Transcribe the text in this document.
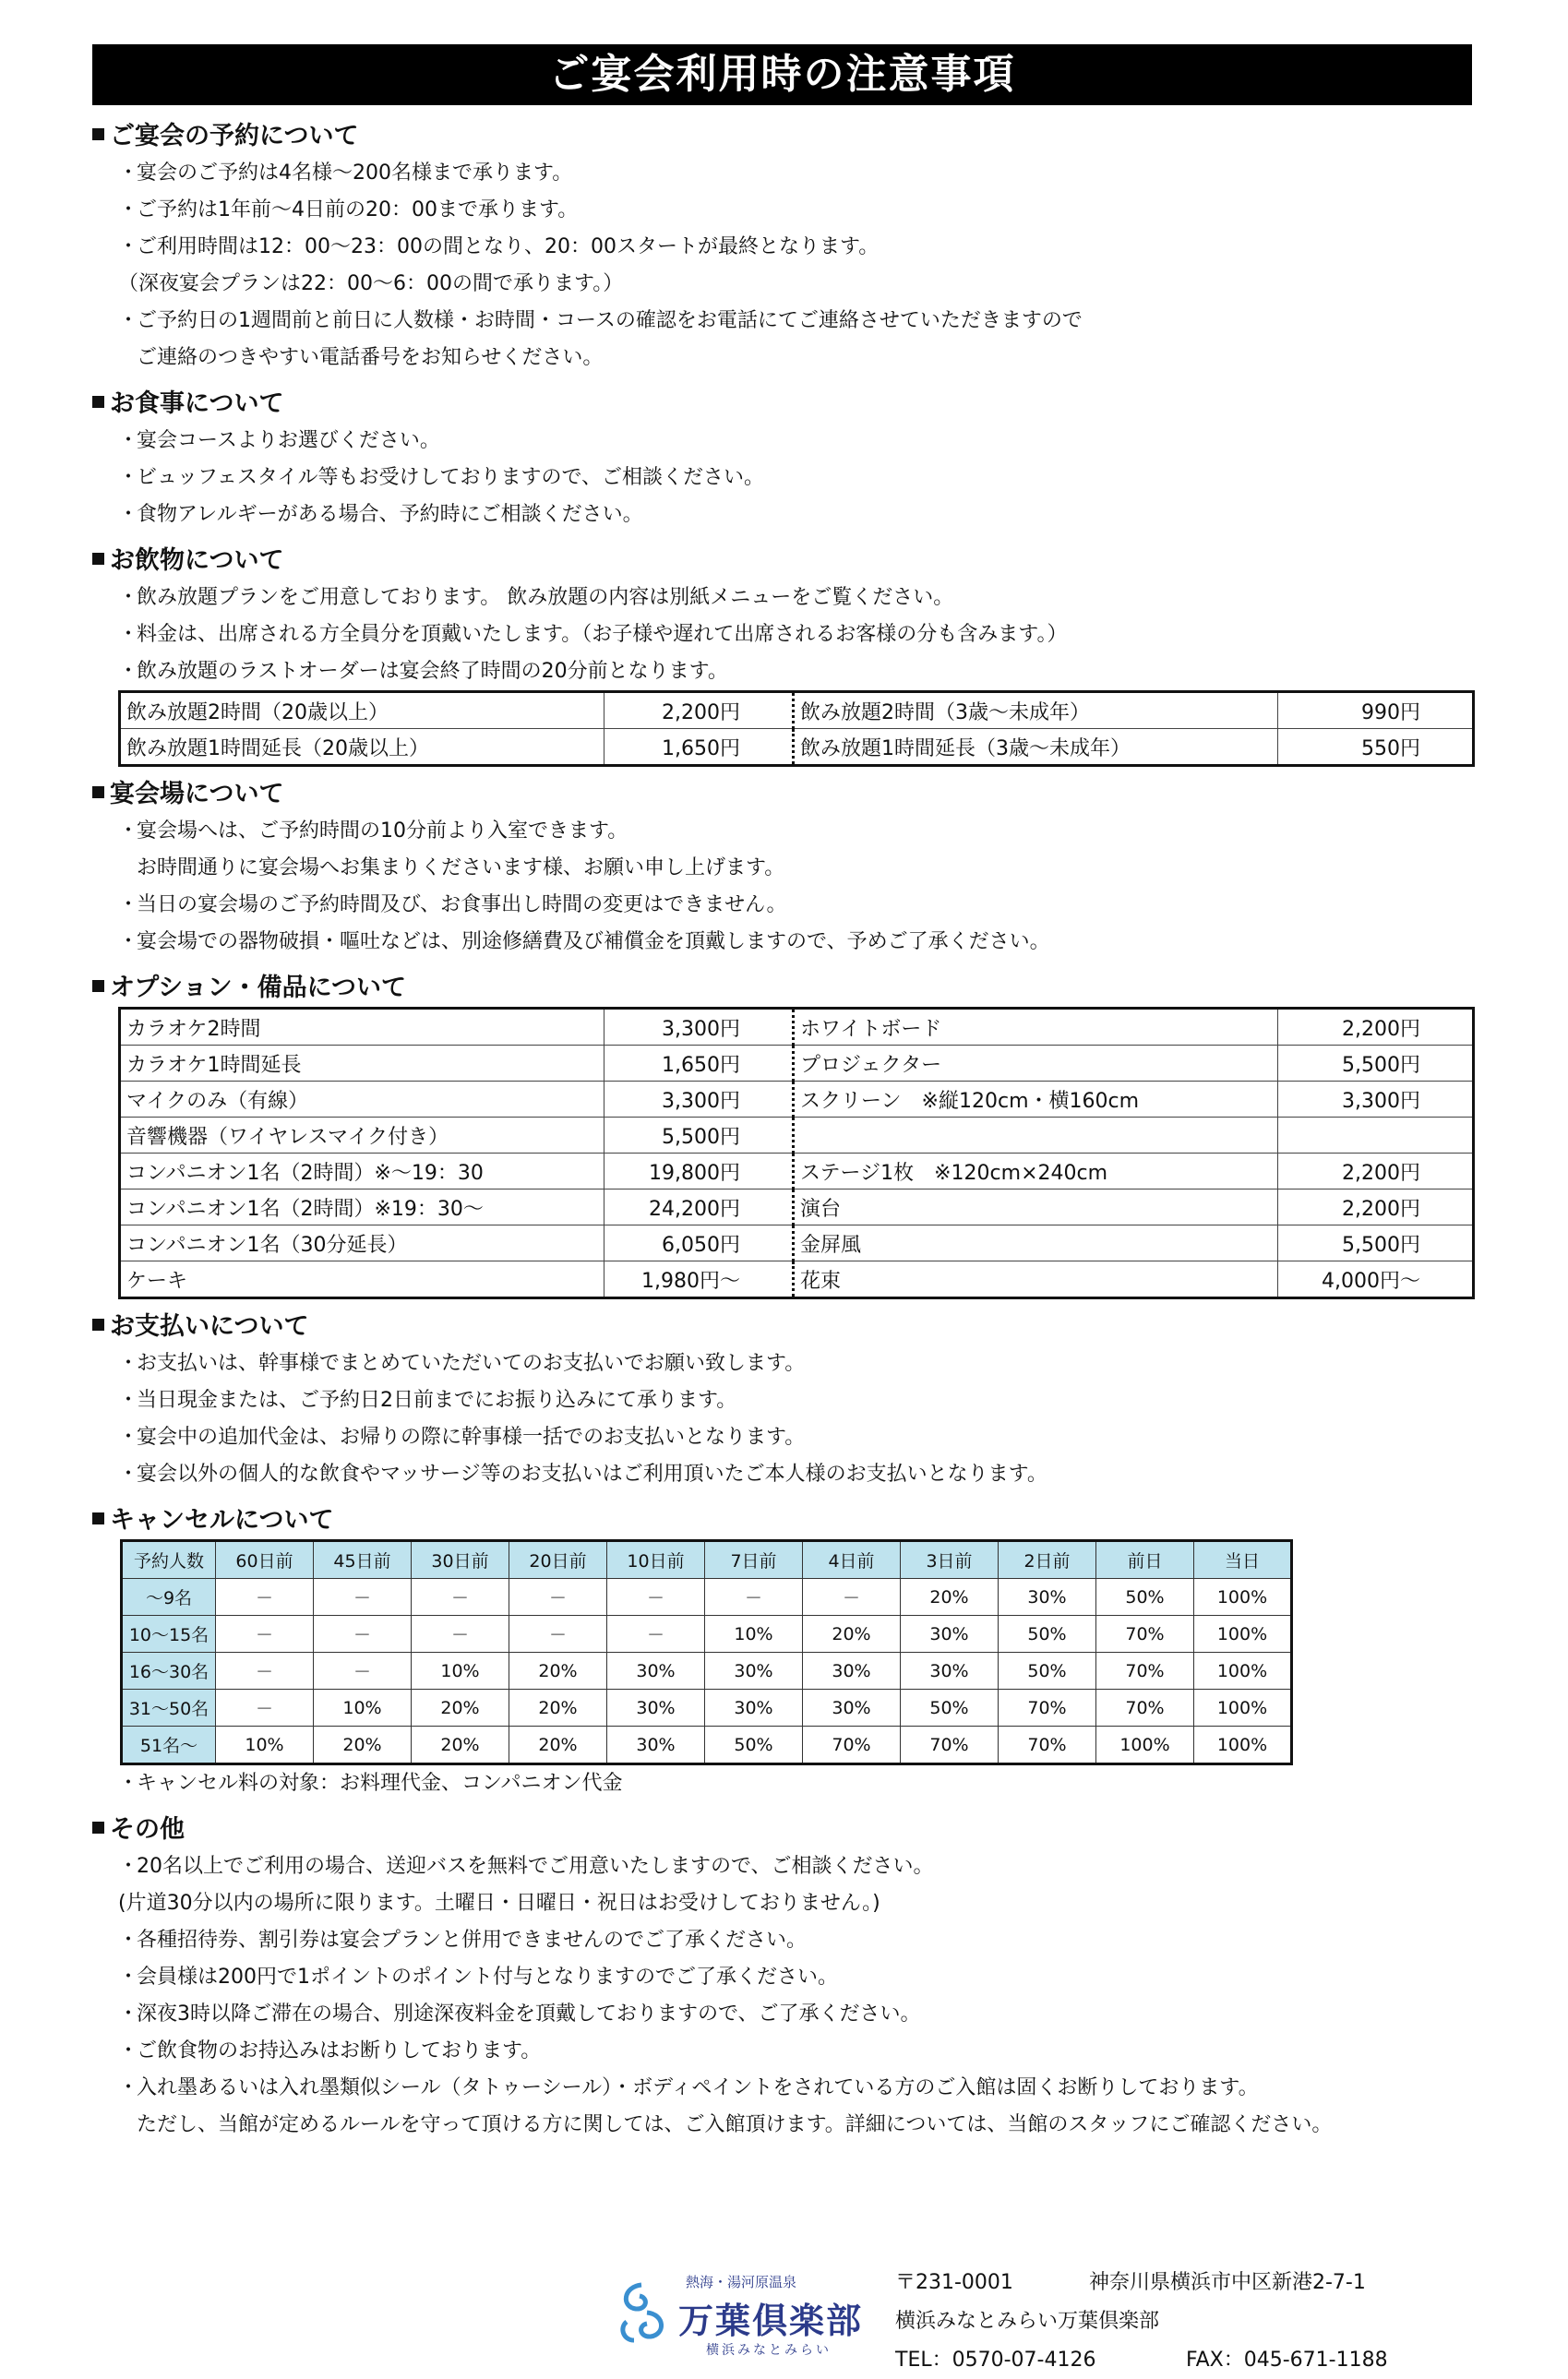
ご宴会利用時の注意事項
ご宴会の予約について
・宴会のご予約は4名様～200名様まで承ります。
・ご予約は1年前～4日前の20：00まで承ります。
・ご利用時間は12：00～23：00の間となり、20：00スタートが最終となります。
（深夜宴会プランは22：00～6：00の間で承ります。）
・ご予約日の1週間前と前日に人数様・お時間・コースの確認をお電話にてご連絡させていただきますので
ご連絡のつきやすい電話番号をお知らせください。
お食事について
・宴会コースよりお選びください。
・ビュッフェスタイル等もお受けしておりますので、ご相談ください。
・食物アレルギーがある場合、予約時にご相談ください。
お飲物について
・飲み放題プランをご用意しております。 飲み放題の内容は別紙メニューをご覧ください。
・料金は、出席される方全員分を頂戴いたします。（お子様や遅れて出席されるお客様の分も含みます。）
・飲み放題のラストオーダーは宴会終了時間の20分前となります。
飲み放題2時間（20歳以上）	2,200円	飲み放題2時間（3歳～未成年）	990円
飲み放題1時間延長（20歳以上）	1,650円	飲み放題1時間延長（3歳～未成年）	550円
宴会場について
・宴会場へは、ご予約時間の10分前より入室できます。
お時間通りに宴会場へお集まりくださいます様、お願い申し上げます。
・当日の宴会場のご予約時間及び、お食事出し時間の変更はできません。
・宴会場での器物破損・嘔吐などは、別途修繕費及び補償金を頂戴しますので、予めご了承ください。
オプション・備品について
カラオケ2時間	3,300円	ホワイトボード	2,200円
カラオケ1時間延長	1,650円	プロジェクター	5,500円
マイクのみ（有線）	3,300円	スクリーン　※縦120cm・横160cm	3,300円
音響機器（ワイヤレスマイク付き）	5,500円		
コンパニオン1名（2時間）※～19：30	19,800円	ステージ1枚　※120cm×240cm	2,200円
コンパニオン1名（2時間）※19：30～	24,200円	演台	2,200円
コンパニオン1名（30分延長）	6,050円	金屏風	5,500円
ケーキ	1,980円～	花束	4,000円～
お支払いについて
・お支払いは、幹事様でまとめていただいてのお支払いでお願い致します。
・当日現金または、ご予約日2日前までにお振り込みにて承ります。
・宴会中の追加代金は、お帰りの際に幹事様一括でのお支払いとなります。
・宴会以外の個人的な飲食やマッサージ等のお支払いはご利用頂いたご本人様のお支払いとなります。
キャンセルについて
予約人数	60日前	45日前	30日前	20日前	10日前	7日前	4日前	3日前	2日前	前日	当日
～9名	－	－	－	－	－	－	－	20%	30%	50%	100%
10～15名	－	－	－	－	－	10%	20%	30%	50%	70%	100%
16～30名	－	－	10%	20%	30%	30%	30%	30%	50%	70%	100%
31～50名	－	10%	20%	20%	30%	30%	30%	50%	70%	70%	100%
51名～	10%	20%	20%	20%	30%	50%	70%	70%	70%	100%	100%
・キャンセル料の対象：お料理代金、コンパニオン代金
その他
・20名以上でご利用の場合、送迎バスを無料でご用意いたしますので、ご相談ください。
(片道30分以内の場所に限ります。土曜日・日曜日・祝日はお受けしておりません。)
・各種招待券、割引券は宴会プランと併用できませんのでご了承ください。
・会員様は200円で1ポイントのポイント付与となりますのでご了承ください。
・深夜3時以降ご滞在の場合、別途深夜料金を頂戴しておりますので、ご了承ください。
・ご飲食物のお持込みはお断りしております。
・入れ墨あるいは入れ墨類似シール（タトゥーシール）・ボディペイントをされている方のご入館は固くお断りしております。
ただし、当館が定めるルールを守って頂ける方に関しては、ご入館頂けます。詳細については、当館のスタッフにご確認ください。
熱海・湯河原温泉
万葉倶楽部
横浜みなとみらい
〒231-0001	神奈川県横浜市中区新港2-7-1
横浜みなとみらい万葉倶楽部
TEL：0570-07-4126	FAX：045-671-1188
